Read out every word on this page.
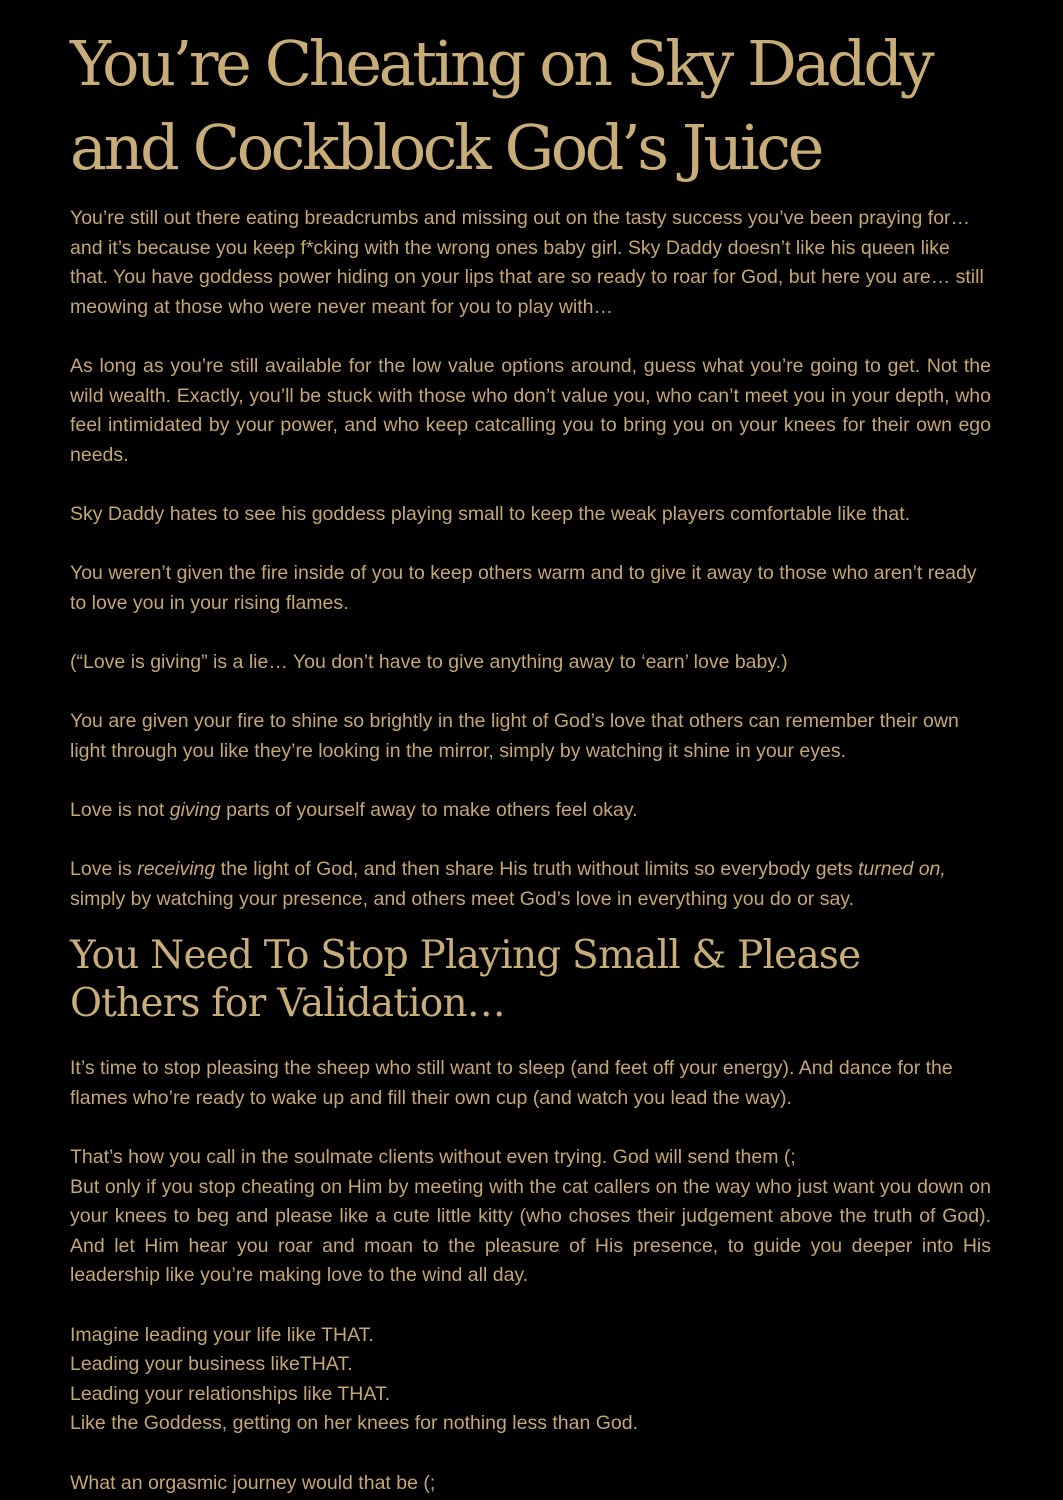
You’re Cheating on Sky Daddy and Cockblock God’s Juice

You’re still out there eating breadcrumbs and missing out on the tasty success you’ve been praying for… and it’s because you keep f*cking with the wrong ones baby girl. Sky Daddy doesn’t like his queen like that. You have goddess power hiding on your lips that are so ready to roar for God, but here you are… still meowing at those who were never meant for you to play with…

As long as you’re still available for the low value options around, guess what you’re going to get. Not the wild wealth. Exactly, you’ll be stuck with those who don’t value you, who can’t meet you in your depth, who feel intimidated by your power, and who keep catcalling you to bring you on your knees for their own ego needs.

Sky Daddy hates to see his goddess playing small to keep the weak players comfortable like that.

You weren’t given the fire inside of you to keep others warm and to give it away to those who aren’t ready to love you in your rising flames.

(“Love is giving” is a lie… You don’t have to give anything away to ‘earn’ love baby.)

You are given your fire to shine so brightly in the light of God’s love that others can remember their own light through you like they’re looking in the mirror, simply by watching it shine in your eyes.

Love is not giving parts of yourself away to make others feel okay.

Love is receiving the light of God, and then share His truth without limits so everybody gets turned on, simply by watching your presence, and others meet God’s love in everything you do or say.

You Need To Stop Playing Small & Please Others for Validation…

It’s time to stop pleasing the sheep who still want to sleep (and feet off your energy). And dance for the flames who’re ready to wake up and fill their own cup (and watch you lead the way).

That’s how you call in the soulmate clients without even trying. God will send them (;
But only if you stop cheating on Him by meeting with the cat callers on the way who just want you down on your knees to beg and please like a cute little kitty (who choses their judgement above the truth of God). And let Him hear you roar and moan to the pleasure of His presence, to guide you deeper into His leadership like you’re making love to the wind all day.

Imagine leading your life like THAT.
Leading your business likeTHAT.
Leading your relationships like THAT.
Like the Goddess, getting on her knees for nothing less than God.

What an orgasmic journey would that be (;
